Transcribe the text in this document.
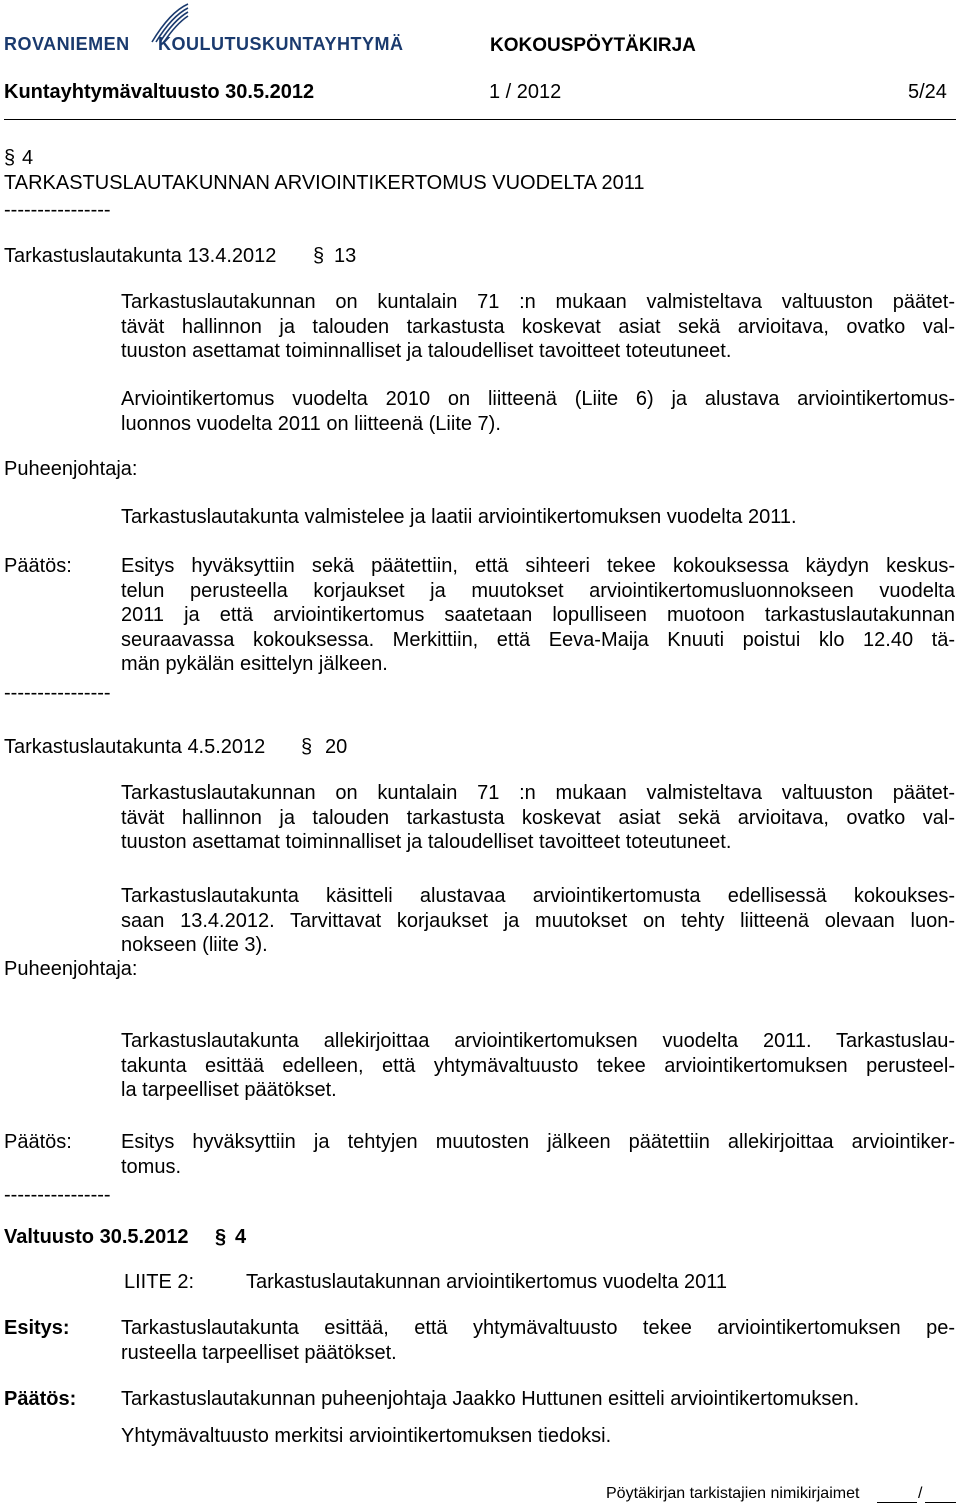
ROVANIEMEN KOULUTUSKUNTAYHTYMÄ	KOKOUSPÖYTÄKIRJA
Kuntayhtymävaltuusto 30.5.2012	1 / 2012	5/24
§ 4
TARKASTUSLAUTAKUNNAN ARVIOINTIKERTOMUS VUODELTA 2011
----------------
Tarkastuslautakunta 13.4.2012 § 13
Tarkastuslautakunnan on kuntalain 71 :n mukaan valmisteltava valtuuston päätet-
tävät hallinnon ja talouden tarkastusta koskevat asiat sekä arvioitava, ovatko val-
tuuston asettamat toiminnalliset ja taloudelliset tavoitteet toteutuneet.
Arviointikertomus vuodelta 2010 on liitteenä (Liite 6) ja alustava arviointikertomus-
luonnos vuodelta 2011 on liitteenä (Liite 7).
Puheenjohtaja:
Tarkastuslautakunta valmistelee ja laatii arviointikertomuksen vuodelta 2011.
Päätös: Esitys hyväksyttiin sekä päätettiin, että sihteeri tekee kokouksessa käydyn keskus-
telun perusteella korjaukset ja muutokset arviointikertomusluonnokseen vuodelta
2011 ja että arviointikertomus saatetaan lopulliseen muotoon tarkastuslautakunnan
seuraavassa kokouksessa. Merkittiin, että Eeva-Maija Knuuti poistui klo 12.40 tä-
män pykälän esittelyn jälkeen.
----------------
Tarkastuslautakunta 4.5.2012 § 20
Tarkastuslautakunnan on kuntalain 71 :n mukaan valmisteltava valtuuston päätet-
tävät hallinnon ja talouden tarkastusta koskevat asiat sekä arvioitava, ovatko val-
tuuston asettamat toiminnalliset ja taloudelliset tavoitteet toteutuneet.
Tarkastuslautakunta käsitteli alustavaa arviointikertomusta edellisessä kokoukses-
saan 13.4.2012. Tarvittavat korjaukset ja muutokset on tehty liitteenä olevaan luon-
nokseen (liite 3).
Puheenjohtaja:
Tarkastuslautakunta allekirjoittaa arviointikertomuksen vuodelta 2011. Tarkastuslau-
takunta esittää edelleen, että yhtymävaltuusto tekee arviointikertomuksen perusteel-
la tarpeelliset päätökset.
Päätös: Esitys hyväksyttiin ja tehtyjen muutosten jälkeen päätettiin allekirjoittaa arviointiker-
tomus.
----------------
Valtuusto 30.5.2012 § 4
LIITE 2:	Tarkastuslautakunnan arviointikertomus vuodelta 2011
Esitys:	Tarkastuslautakunta esittää, että yhtymävaltuusto tekee arviointikertomuksen pe-
rusteella tarpeelliset päätökset.
Päätös: Tarkastuslautakunnan puheenjohtaja Jaakko Huttunen esitteli arviointikertomuksen.
Yhtymävaltuusto merkitsi arviointikertomuksen tiedoksi.
Pöytäkirjan tarkistajien nimikirjaimet	/
